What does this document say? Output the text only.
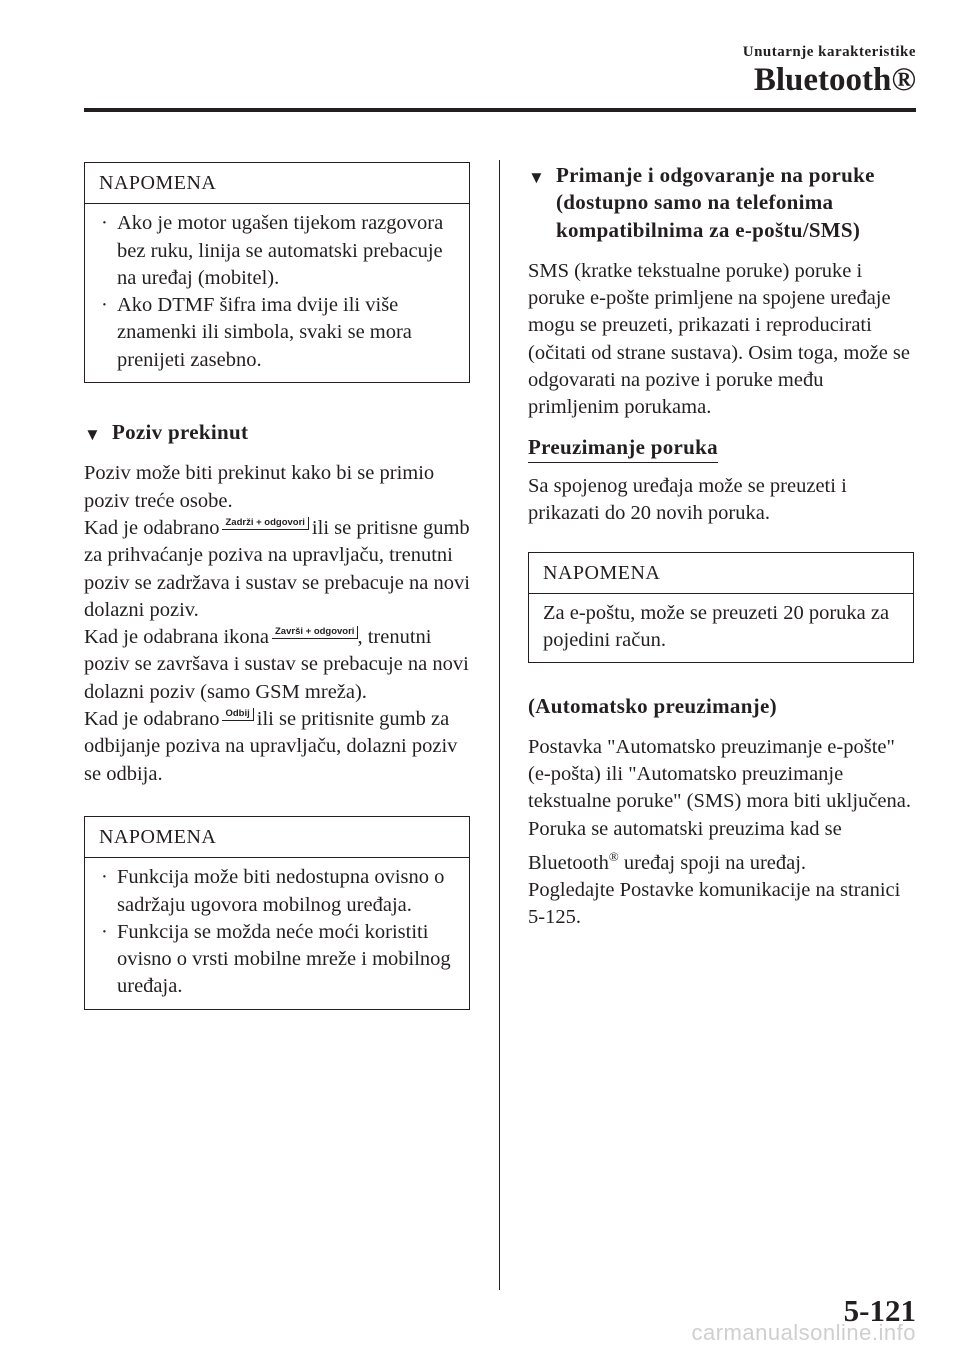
Unutarnje karakteristike
Bluetooth®
NAPOMENA

· Ako je motor ugašen tijekom razgovora bez ruku, linija se automatski prebacuje na uređaj (mobitel).

· Ako DTMF šifra ima dvije ili više znamenki ili simbola, svaki se mora prenijeti zasebno.

▼ Poziv prekinut

Poziv može biti prekinut kako bi se primio poziv treće osobe.

Kad je odabrano Zadrži + odgovori ili se pritisne gumb za prihvaćanje poziva na upravljaču, trenutni poziv se zadržava i sustav se prebacuje na novi dolazni poziv.

Kad je odabrana ikona Završi + odgovori , trenutni poziv se završava i sustav se prebacuje na novi dolazni poziv (samo GSM mreža).

Kad je odabrano Odbij ili se pritisnite gumb za odbijanje poziva na upravljaču, dolazni poziv se odbija.

NAPOMENA

· Funkcija može biti nedostupna ovisno o sadržaju ugovora mobilnog uređaja.

· Funkcija se možda neće moći koristiti ovisno o vrsti mobilne mreže i mobilnog uređaja.

▼ Primanje i odgovaranje na poruke (dostupno samo na telefonima kompatibilnima za e-poštu/SMS)

SMS (kratke tekstualne poruke) poruke i poruke e-pošte primljene na spojene uređaje mogu se preuzeti, prikazati i reproducirati (očitati od strane sustava). Osim toga, može se odgovarati na pozive i poruke među primljenim porukama.

Preuzimanje poruka

Sa spojenog uređaja može se preuzeti i prikazati do 20 novih poruka.

NAPOMENA

Za e-poštu, može se preuzeti 20 poruka za pojedini račun.

(Automatsko preuzimanje)

Postavka "Automatsko preuzimanje e-pošte" (e-pošta) ili "Automatsko preuzimanje tekstualne poruke" (SMS) mora biti uključena. Poruka se automatski preuzima kad se Bluetooth® uređaj spoji na uređaj.

Pogledajte Postavke komunikacije na stranici 5-125.

5-121
carmanualsonline.info
